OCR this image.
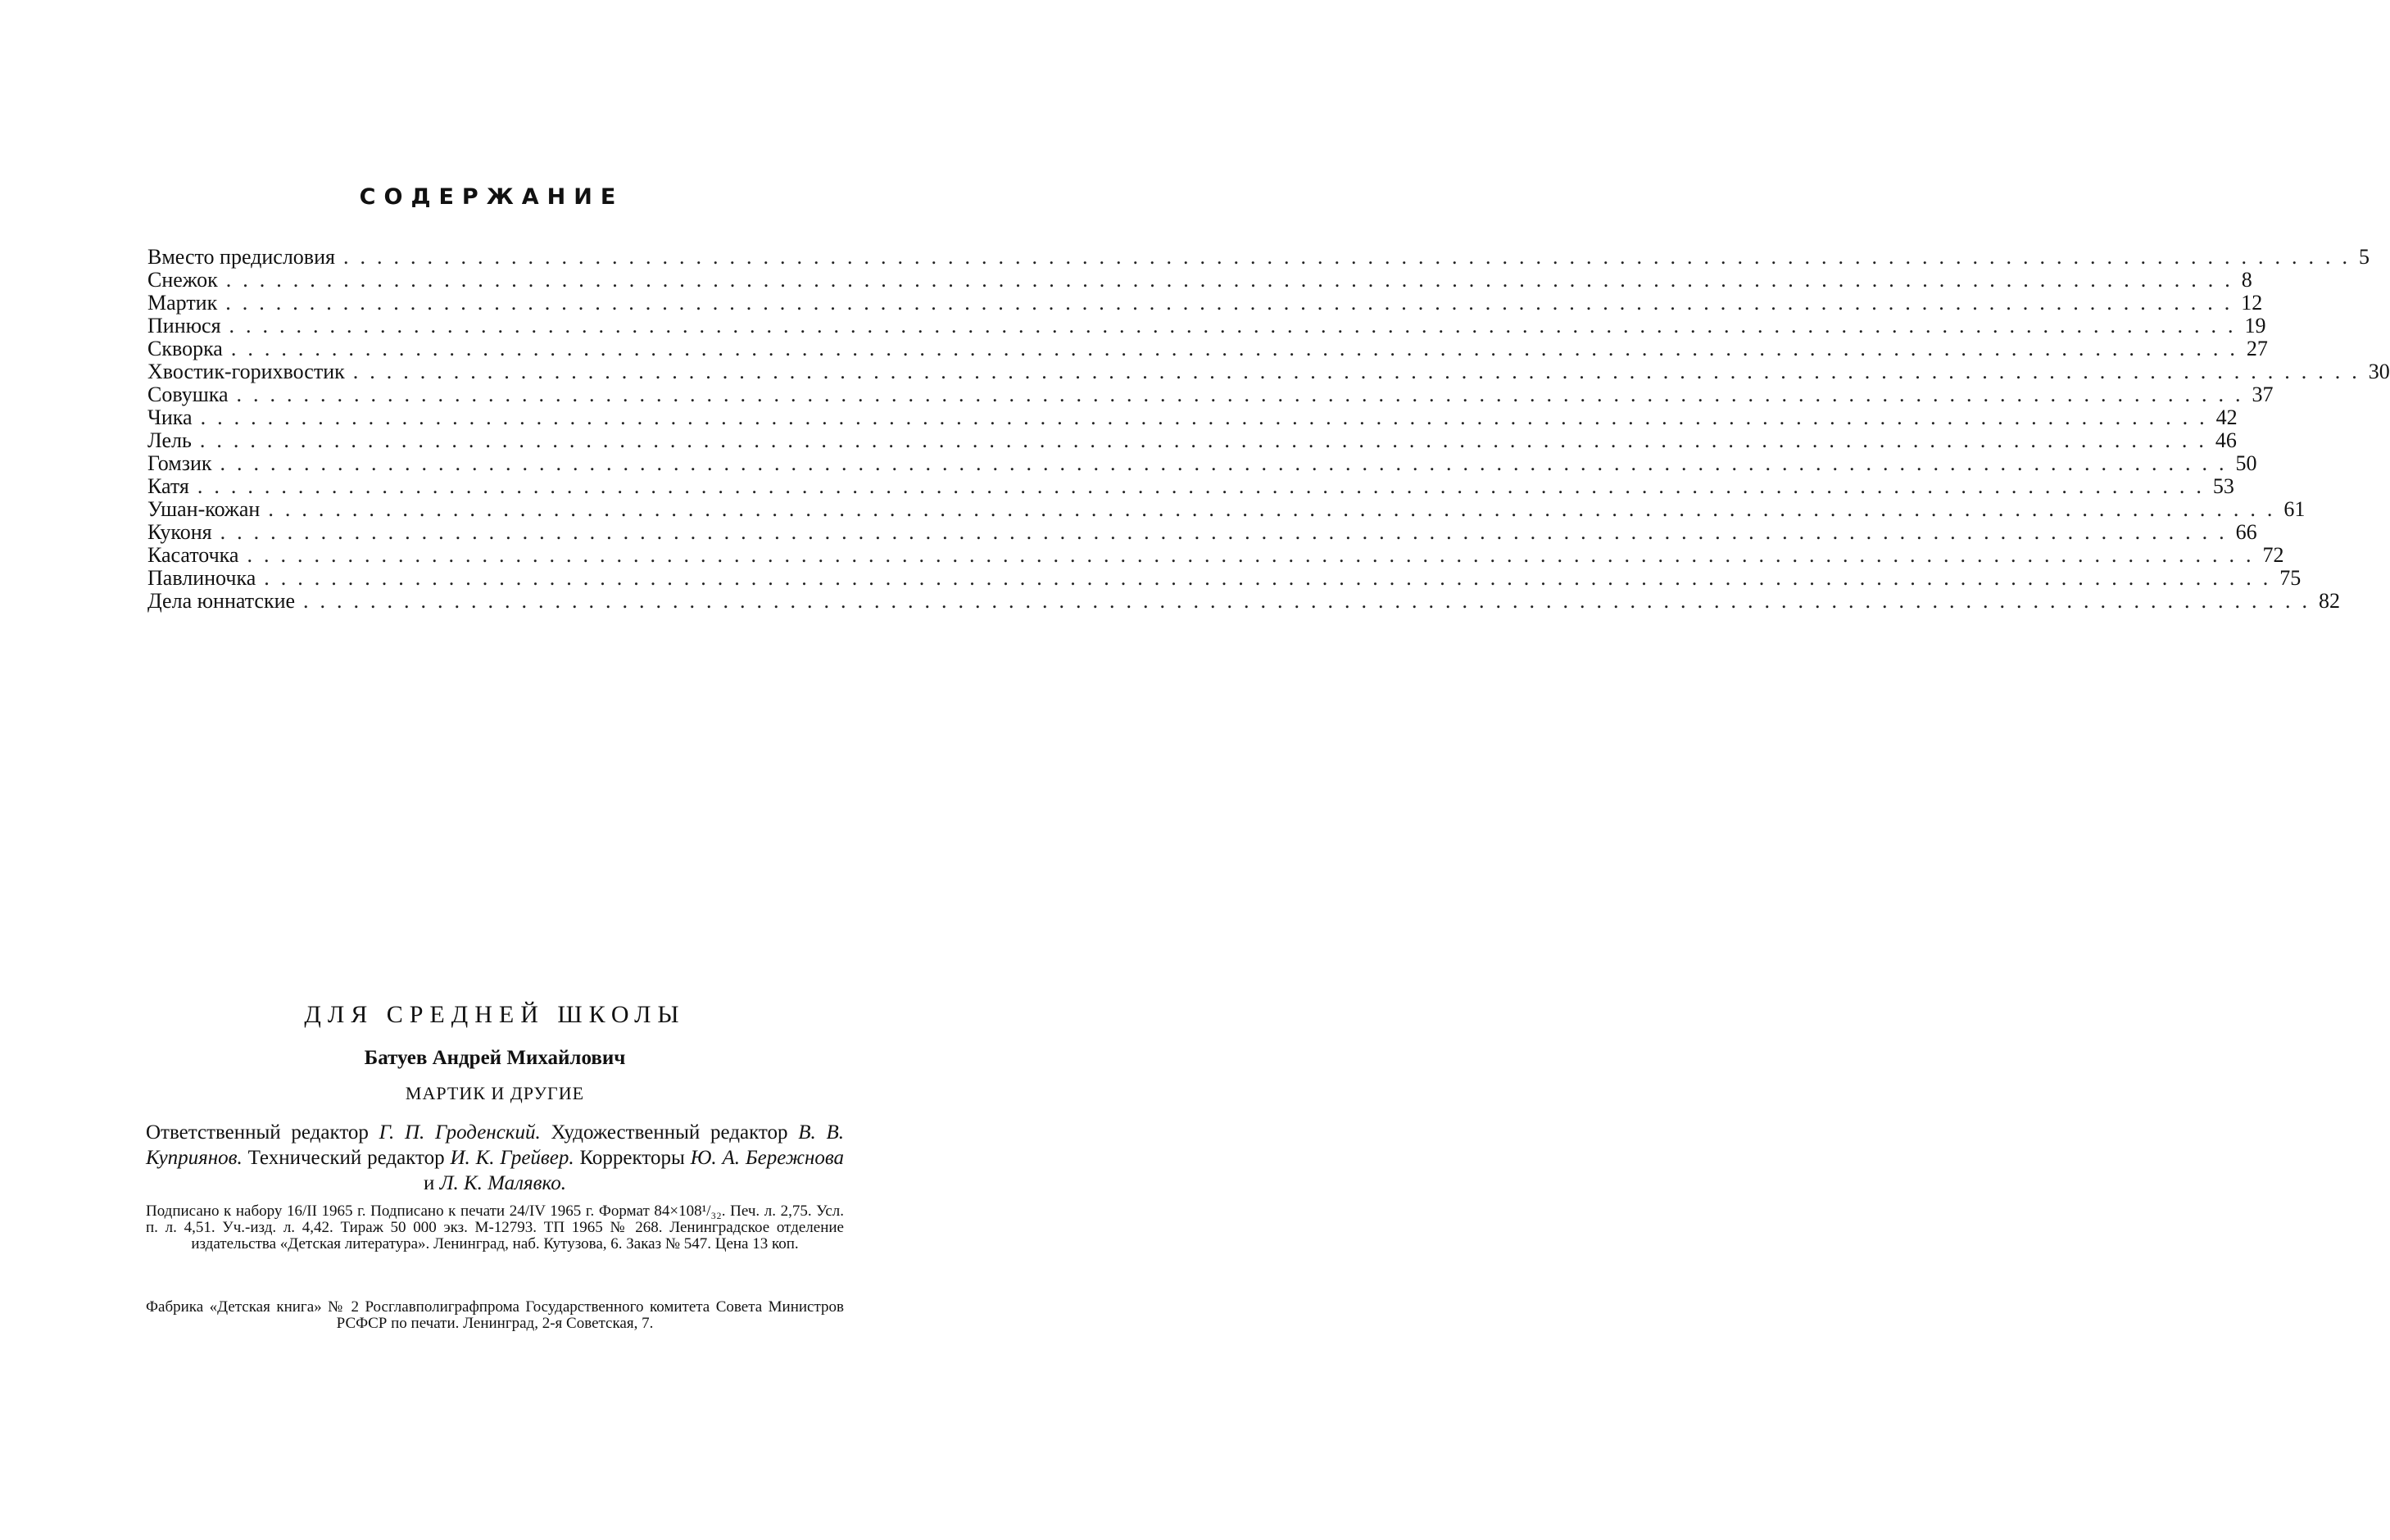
СОДЕРЖАНИЕ
Вместо предисловия ........................................................................................................................ 5
Снежок ........................................................................................................................ 8
Мартик ........................................................................................................................ 12
Пинюся ........................................................................................................................ 19
Скворка ........................................................................................................................ 27
Хвостик-горихвостик ........................................................................................................................ 30
Совушка ........................................................................................................................ 37
Чика ........................................................................................................................ 42
Лель ........................................................................................................................ 46
Гомзик ........................................................................................................................ 50
Катя ........................................................................................................................ 53
Ушан-кожан ........................................................................................................................ 61
Куконя ........................................................................................................................ 66
Касаточка ........................................................................................................................ 72
Павлиночка ........................................................................................................................ 75
Дела юннатские ........................................................................................................................ 82
ДЛЯ СРЕДНЕЙ ШКОЛЫ
Батуев Андрей Михайлович
МАРТИК И ДРУГИЕ
Ответственный редактор Г. П. Гроденский. Художественный редактор В. В. Куприянов. Технический редактор И. К. Грейвер. Корректоры Ю. А. Бережнова и Л. К. Малявко.
Подписано к набору 16/II 1965 г. Подписано к печати 24/IV 1965 г. Формат 84×108¹/₃₂. Печ. л. 2,75. Усл. п. л. 4,51. Уч.-изд. л. 4,42. Тираж 50 000 экз. М-12793. ТП 1965 № 268. Ленинградское отделение издательства «Детская литература». Ленинград, наб. Кутузова, 6. Заказ № 547. Цена 13 коп.
Фабрика «Детская книга» № 2 Росглавполиграфпрома Государственного комитета Совета Министров РСФСР по печати. Ленинград, 2-я Советская, 7.
